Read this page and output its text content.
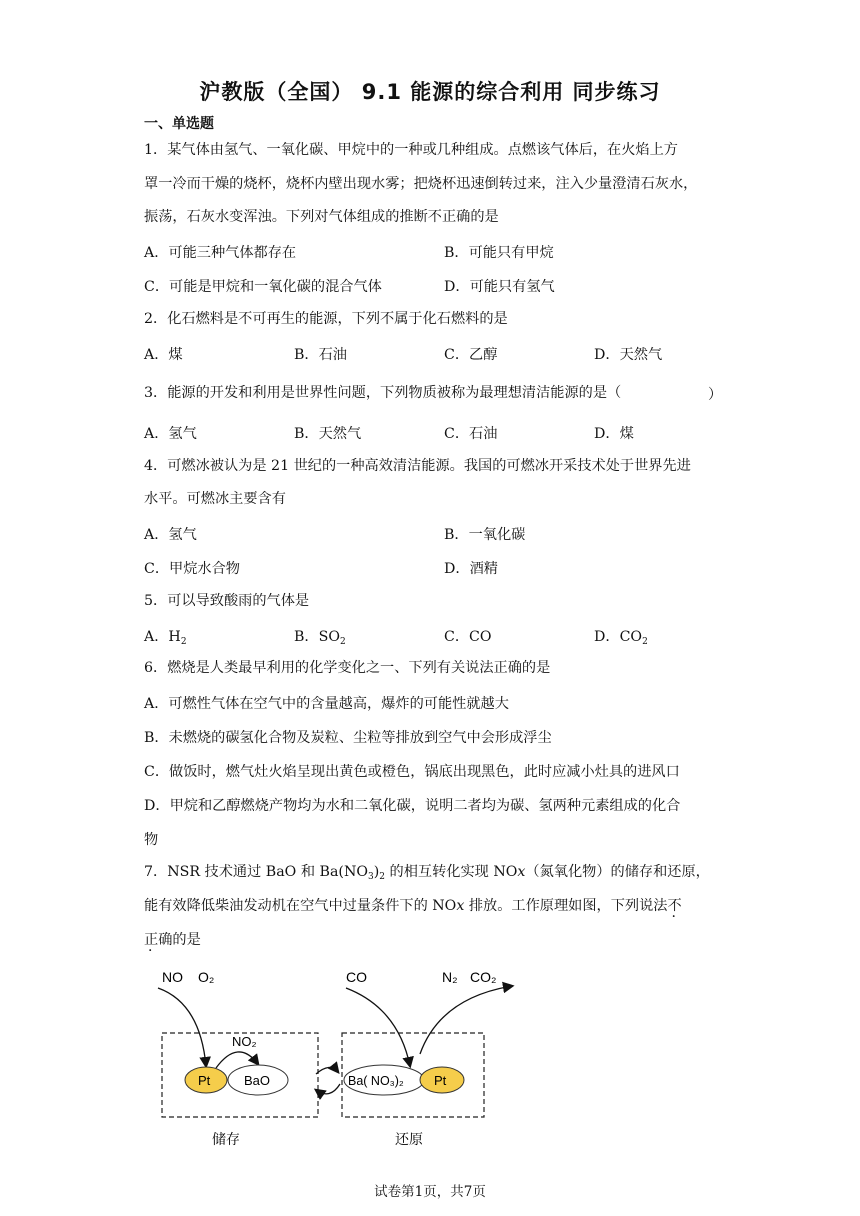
沪教版（全国） 9.1 能源的综合利用 同步练习
一、单选题
1．某气体由氢气、一氧化碳、甲烷中的一种或几种组成。点燃该气体后，在火焰上方
罩一冷而干燥的烧杯，烧杯内壁出现水雾；把烧杯迅速倒转过来，注入少量澄清石灰水，
振荡，石灰水变浑浊。下列对气体组成的推断不正确的是
A．可能三种气体都存在	B．可能只有甲烷
C．可能是甲烷和一氧化碳的混合气体	D．可能只有氢气
2．化石燃料是不可再生的能源，下列不属于化石燃料的是
A．煤	B．石油	C．乙醇	D．天然气
3．能源的开发和利用是世界性问题，下列物质被称为最理想清洁能源的是（	）
A．氢气	B．天然气	C．石油	D．煤
4．可燃冰被认为是 21 世纪的一种高效清洁能源。我国的可燃冰开采技术处于世界先进
水平。可燃冰主要含有
A．氢气	B．一氧化碳
C．甲烷水合物	D．酒精
5．可以导致酸雨的气体是
A．$H_2$	B．$SO_2$	C．CO	D．$CO_2$
6．燃烧是人类最早利用的化学变化之一、下列有关说法正确的是
A．可燃性气体在空气中的含量越高，爆炸的可能性就越大
B．未燃烧的碳氢化合物及炭粒、尘粒等排放到空气中会形成浮尘
C．做饭时，燃气灶火焰呈现出黄色或橙色，锅底出现黑色，此时应减小灶具的进风口
D．甲烷和乙醇燃烧产物均为水和二氧化碳，说明二者均为碳、氢两种元素组成的化合
物
7．NSR 技术通过 BaO 和 $Ba(NO_3)_2$ 的相互转化实现 NOx（氮氧化物）的储存和还原，
能有效降低柴油发动机在空气中过量条件下的 NOx 排放。工作原理如图，下列说法不
正确的是
NO O₂
NO₂
Pt	BaO
CO	N₂ CO₂
Ba( NO₃)₂ Pt
储存	还原
试卷第1页，共7页
